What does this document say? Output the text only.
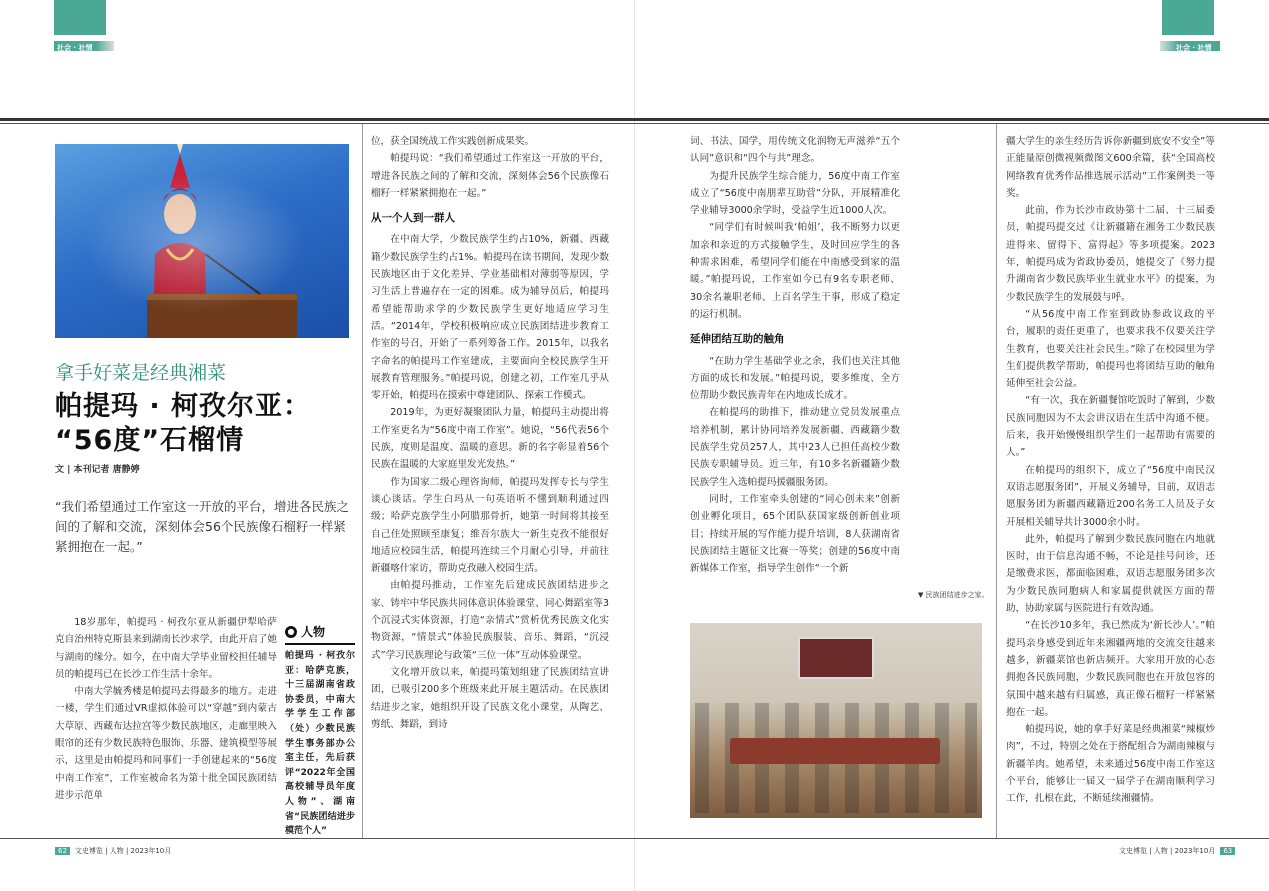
社会 · 社情	社会 · 社情
拿手好菜是经典湘菜
帕提玛 · 柯孜尔亚：
“56度”石榴情
文 | 本刊记者 唐静婷
“我们希望通过工作室这一开放的平台，增进各民族之间的了解和交流，深刻体会56个民族像石榴籽一样紧紧拥抱在一起。”

18岁那年，帕提玛 · 柯孜尔亚从新疆伊犁哈萨克自治州特克斯县来到湖南长沙求学，由此开启了她与湖南的缘分。如今，在中南大学毕业留校担任辅导员的帕提玛已在长沙工作生活十余年。

中南大学毓秀楼是帕提玛去得最多的地方。走进一楼，学生们通过VR虚拟体验可以“穿越”到内蒙古大草原、西藏布达拉宫等少数民族地区，走廊里映入眼帘的还有少数民族特色服饰、乐器、建筑模型等展示，这里是由帕提玛和同事们一手创建起来的“56度中南工作室”，工作室被命名为第十批全国民族团结进步示范单

● 人物
帕提玛 · 柯孜尔亚：哈萨克族，十三届湖南省政协委员，中南大学学生工作部（处）少数民族学生事务部办公室主任，先后获评“2022年全国高校辅导员年度人物”、湖南省“民族团结进步模范个人”

位，获全国统战工作实践创新成果奖。

帕提玛说：“我们希望通过工作室这一开放的平台，增进各民族之间的了解和交流，深刻体会56个民族像石榴籽一样紧紧拥抱在一起。”

从一个人到一群人

在中南大学，少数民族学生约占10%，新疆、西藏籍少数民族学生约占1%。帕提玛在读书期间，发现少数民族地区由于文化差异、学业基础相对薄弱等原因，学习生活上普遍存在一定的困难。成为辅导员后，帕提玛希望能帮助求学的少数民族学生更好地适应学习生活。“2014年，学校积极响应成立民族团结进步教育工作室的号召，开始了一系列筹备工作。2015年，以我名字命名的帕提玛工作室建成，主要面向全校民族学生开展教育管理服务。”帕提玛说，创建之初，工作室几乎从零开始，帕提玛在摸索中尊建团队、探索工作模式。

2019年，为更好凝聚团队力量，帕提玛主动提出将工作室更名为“56度中南工作室”。她说，“56代表56个民族，度则是温度、温暖的意思。新的名字彰显着56个民族在温暖的大家庭里发光发热。”

作为国家二级心理咨询师，帕提玛发挥专长与学生谈心谈话。学生白玛从一句英语听不懂到顺利通过四级；哈萨克族学生小阿腊那骨折，她第一时间将其接至自己住处照顾至康复；维吾尔族大一新生克孜不能很好地适应校园生活，帕提玛连续三个月耐心引导，并前往新疆喀什家访，帮助克孜融入校园生活。

由帕提玛推动，工作室先后建成民族团结进步之家、铸牢中华民族共同体意识体验课堂、同心舞蹈室等3个沉浸式实体资源，打造“亲情式”赏析优秀民族文化实物资源，“情景式”体验民族服装、音乐、舞蹈，“沉浸式”学习民族理论与政策“三位一体”互动体验课堂。

文化增开放以来，帕提玛策划组建了民族团结宣讲团，已吸引200多个班级来此开展主题活动。在民族团结进步之家，她组织开设了民族文化小课堂，从陶艺、剪纸、舞蹈，到诗

词、书法、国学，用传统文化润物无声滋养“五个认同”意识和“四个与共”理念。

为提升民族学生综合能力，56度中南工作室成立了“56度中南朋辈互助营”分队，开展精准化学业辅导3000余学时，受益学生近1000人次。

“同学们有时候叫我‘帕姐’，我不断努力以更加亲和亲近的方式接触学生，及时回应学生的各种需求困难，希望同学们能在中南感受到家的温暖。”帕提玛说，工作室如今已有9名专职老师、30余名兼职老师、上百名学生干事，形成了稳定的运行机制。

延伸团结互助的触角

“在助力学生基础学业之余，我们也关注其他方面的成长和发展。”帕提玛说，要多维度、全方位帮助少数民族青年在内地成长成才。

在帕提玛的助推下，推动建立党员发展重点培养机制，累计协同培养发展新疆、西藏籍少数民族学生党员257人，其中23人已担任高校少数民族专职辅导员。近三年，有10多名新疆籍少数民族学生入选帕提玛援疆服务团。

同时，工作室牵头创建的“同心创未来”创新创业孵化项目，65个团队获国家级创新创业项目；持续开展的写作能力提升培训，8人获湖南省民族团结主题征文比赛一等奖；创建的56度中南新媒体工作室，指导学生创作“一个新

▼ 民族团结进步之家。

疆大学生的亲生经历告诉你新疆到底安不安全”等正能量原创微视频微图文600余篇，获“全国高校网络教育优秀作品推选展示活动”工作案例类一等奖。

此前，作为长沙市政协第十二届、十三届委员，帕提玛提交过《让新疆籍在湘务工少数民族进得来、留得下、富得起》等多项提案。2023年，帕提玛成为省政协委员，她提交了《努力提升湖南省少数民族毕业生就业水平》的提案，为少数民族学生的发展鼓与呼。

“从56度中南工作室到政协参政议政的平台，履职的责任更重了，也要求我不仅要关注学生教育，也要关注社会民生。”除了在校园里为学生们提供教学帮助，帕提玛也将团结互助的触角延伸至社会公益。

“有一次，我在新疆餐馆吃饭时了解到，少数民族同胞因为不太会讲汉语在生活中沟通不便。后来，我开始慢慢组织学生们一起帮助有需要的人。”

在帕提玛的组织下，成立了“56度中南民汉双语志愿服务团”，开展义务辅导，目前，双语志愿服务团为新疆西藏籍近200名务工人员及子女开展相关辅导共计3000余小时。

此外，帕提玛了解到少数民族同胞在内地就医时，由于信息沟通不畅，不论是挂号问诊，还是缴费求医，都面临困难，双语志愿服务团多次为少数民族同胞病人和家属提供就医方面的帮助，协助家属与医院进行有效沟通。

“在长沙10多年，我已然成为‘新长沙人’。”帕提玛亲身感受到近年来湘疆两地的交流交往越来越多，新疆菜馆也新店频开。大家用开放的心态拥抱各民族同胞，少数民族同胞也在开放包容的氛围中越来越有归属感，真正像石榴籽一样紧紧抱在一起。

帕提玛说，她的拿手好菜是经典湘菜“辣椒炒肉”，不过，特别之处在于搭配组合为湖南辣椒与新疆羊肉。她希望，未来通过56度中南工作室这个平台，能够让一届又一届学子在湖南顺利学习工作，扎根在此，不断延续湘疆情。

62	文史博览 | 人物 | 2023年10月	文史博览 | 人物 | 2023年10月	63
